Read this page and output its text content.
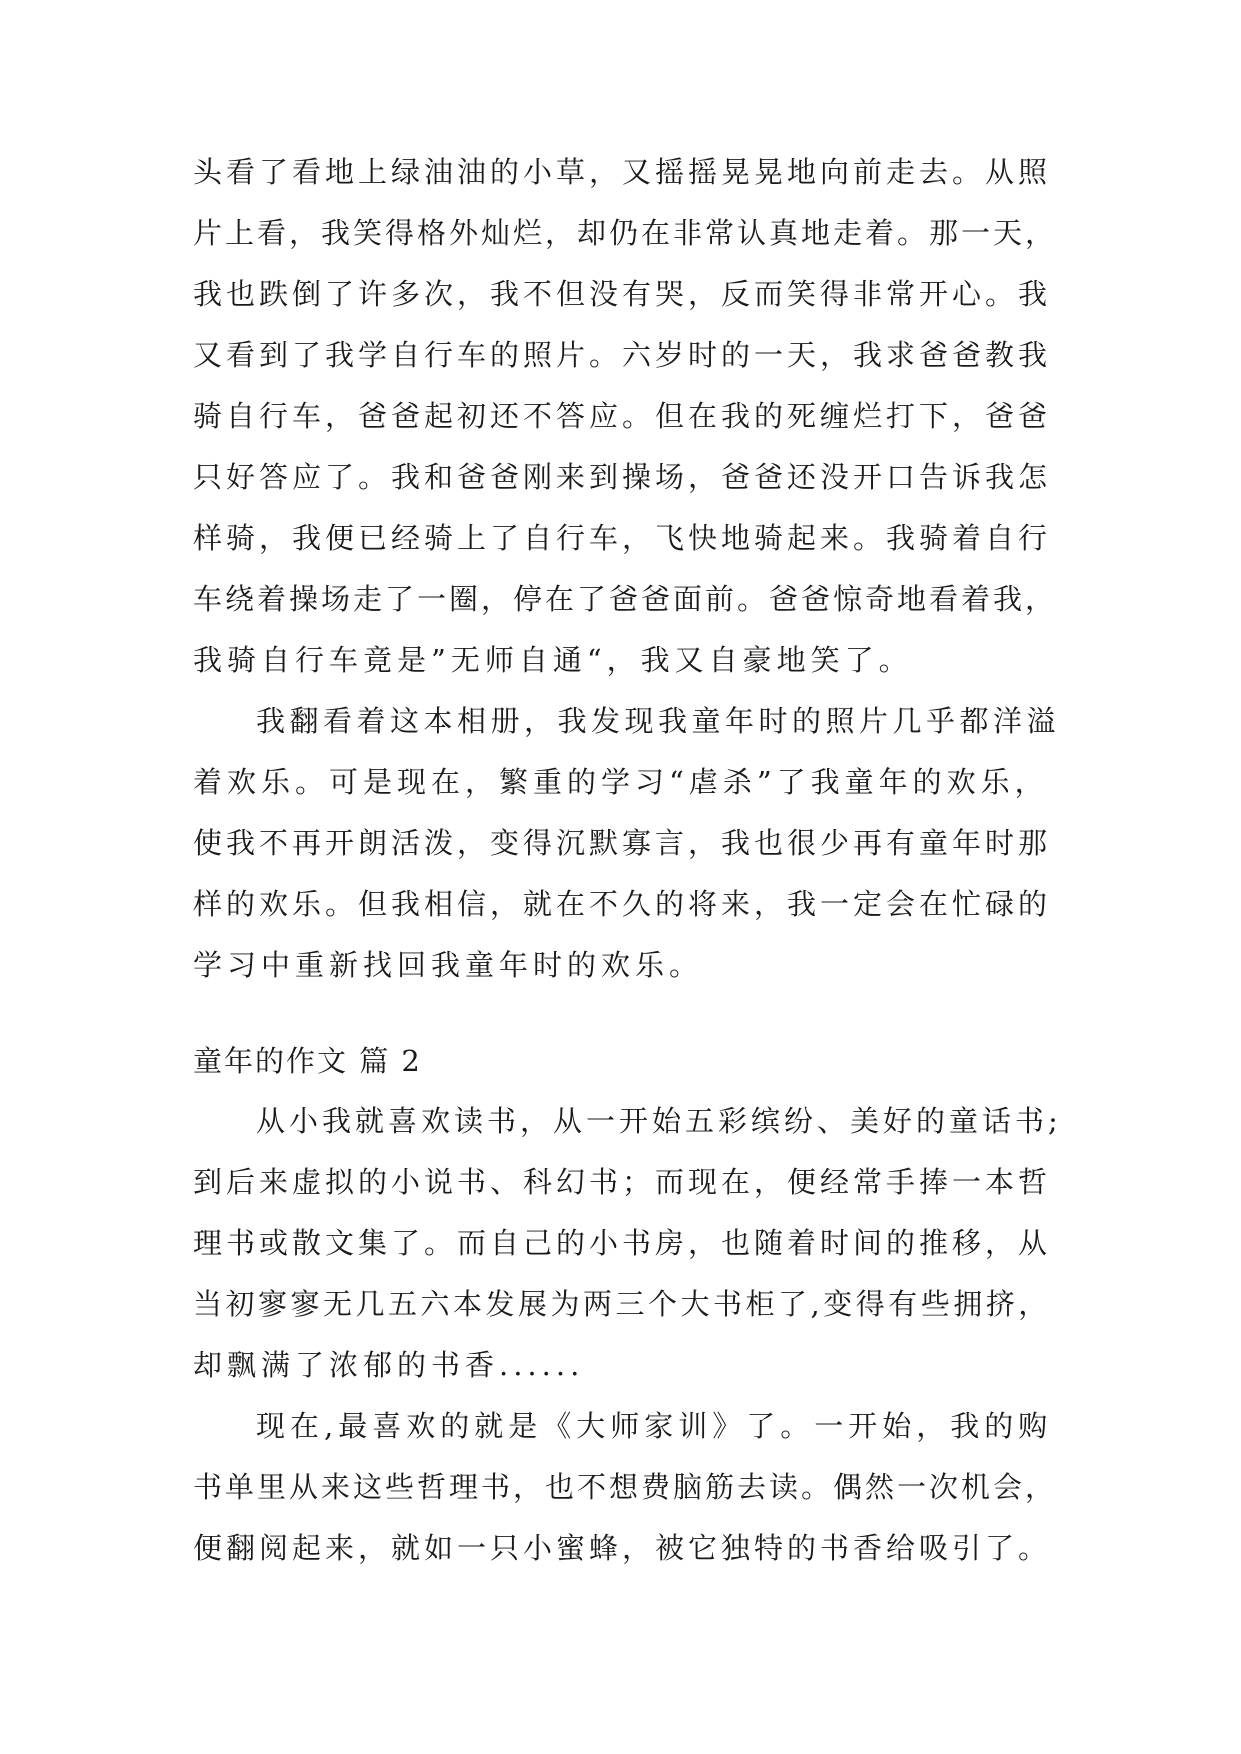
头看了看地上绿油油的小草，又摇摇晃晃地向前走去。从照

片上看，我笑得格外灿烂，却仍在非常认真地走着。那一天，

我也跌倒了许多次，我不但没有哭，反而笑得非常开心。我

又看到了我学自行车的照片。六岁时的一天，我求爸爸教我

骑自行车，爸爸起初还不答应。但在我的死缠烂打下，爸爸

只好答应了。我和爸爸刚来到操场，爸爸还没开口告诉我怎

样骑，我便已经骑上了自行车，飞快地骑起来。我骑着自行

车绕着操场走了一圈，停在了爸爸面前。爸爸惊奇地看着我，

我骑自行车竟是”无师自通“，我又自豪地笑了。

我翻看着这本相册，我发现我童年时的照片几乎都洋溢

着欢乐。可是现在，繁重的学习“虐杀”了我童年的欢乐，

使我不再开朗活泼，变得沉默寡言，我也很少再有童年时那

样的欢乐。但我相信，就在不久的将来，我一定会在忙碌的

学习中重新找回我童年时的欢乐。

童年的作文 篇 2

从小我就喜欢读书，从一开始五彩缤纷、美好的童话书;

到后来虚拟的小说书、科幻书；而现在，便经常手捧一本哲

理书或散文集了。而自己的小书房，也随着时间的推移，从

当初寥寥无几五六本发展为两三个大书柜了,变得有些拥挤，

却飘满了浓郁的书香......

现在,最喜欢的就是《大师家训》了。一开始，我的购

书单里从来这些哲理书，也不想费脑筋去读。偶然一次机会，

便翻阅起来，就如一只小蜜蜂，被它独特的书香给吸引了。
